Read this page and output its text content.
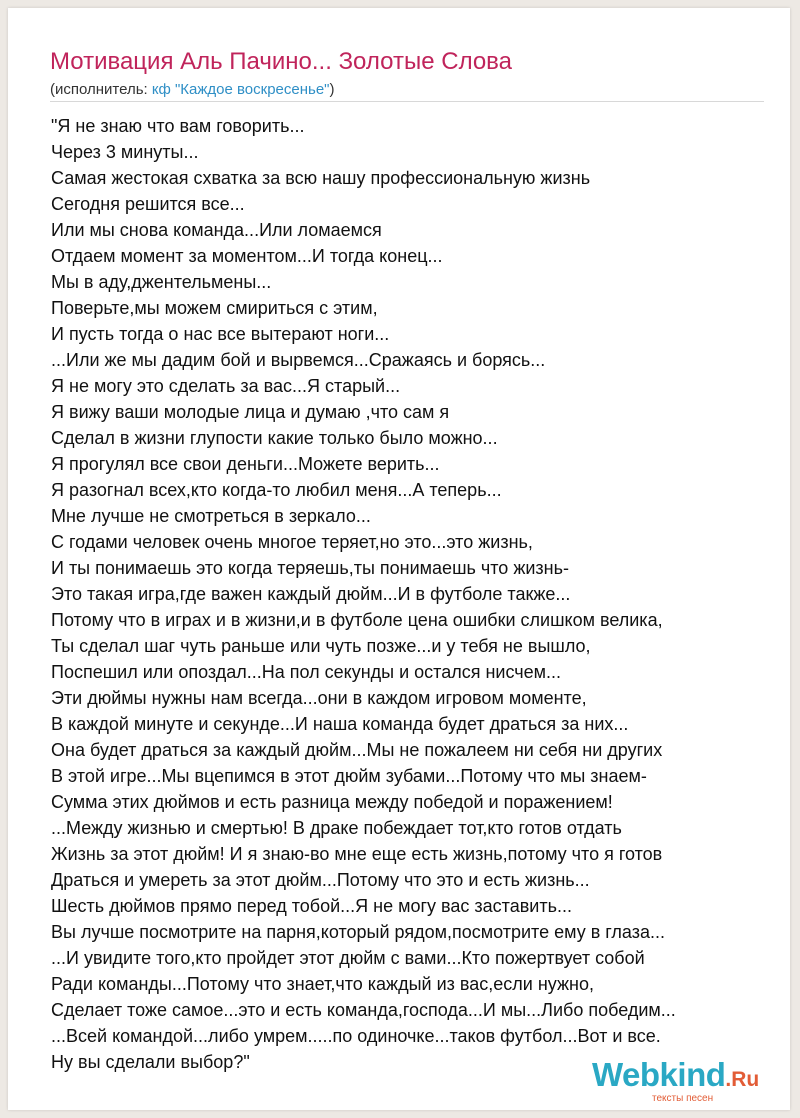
Мотивация Аль Пачино... Золотые Слова
(исполнитель: кф "Каждое воскресенье")
"Я не знаю что вам говорить...
Через 3 минуты...
Самая жестокая схватка за всю нашу профессиональную жизнь
Сегодня решится все...
Или мы снова команда...Или ломаемся
Отдаем момент за моментом...И тогда конец...
Мы в аду,джентельмены...
Поверьте,мы можем смириться с этим,
И пусть тогда о нас все вытерают ноги...
...Или же мы дадим бой и вырвемся...Сражаясь и борясь...
Я не могу это сделать за вас...Я старый...
Я вижу ваши молодые лица и думаю ,что сам я
Сделал в жизни глупости какие только было можно...
Я прогулял все свои деньги...Можете верить...
Я разогнал всех,кто когда-то любил меня...А теперь...
Мне лучше не смотреться в зеркало...
С годами человек очень многое теряет,но это...это жизнь,
И ты понимаешь это когда теряешь,ты понимаешь что жизнь-
Это такая игра,где важен каждый дюйм...И в футболе также...
Потому что в играх и в жизни,и в футболе цена ошибки слишком велика,
Ты сделал шаг чуть раньше или чуть позже...и у тебя не вышло,
Поспешил или опоздал...На пол секунды и остался нисчем...
Эти дюймы нужны нам всегда...они в каждом игровом моменте,
В каждой минуте и секунде...И наша команда будет драться за них...
Она будет драться за каждый дюйм...Мы не пожалеем ни себя ни других
В этой игре...Мы вцепимся в этот дюйм зубами...Потому что мы знаем-
Сумма этих дюймов и есть разница между победой и поражением!
...Между жизнью и смертью! В драке побеждает тот,кто готов отдать
Жизнь за этот дюйм! И я знаю-во мне еще есть жизнь,потому что я готов
Драться и умереть за этот дюйм...Потому что это и есть жизнь...
Шесть дюймов прямо перед тобой...Я не могу вас заставить...
Вы лучше посмотрите на парня,который рядом,посмотрите ему в глаза...
...И увидите того,кто пройдет этот дюйм с вами...Кто пожертвует собой
Ради команды...Потому что знает,что каждый из вас,если нужно,
Сделает тоже самое...это и есть команда,господа...И мы...Либо победим...
...Всей командой...либо умрем.....по одиночке...таков футбол...Вот и все.
Ну вы сделали выбор?"	Webkind.Ru
тексты песен
